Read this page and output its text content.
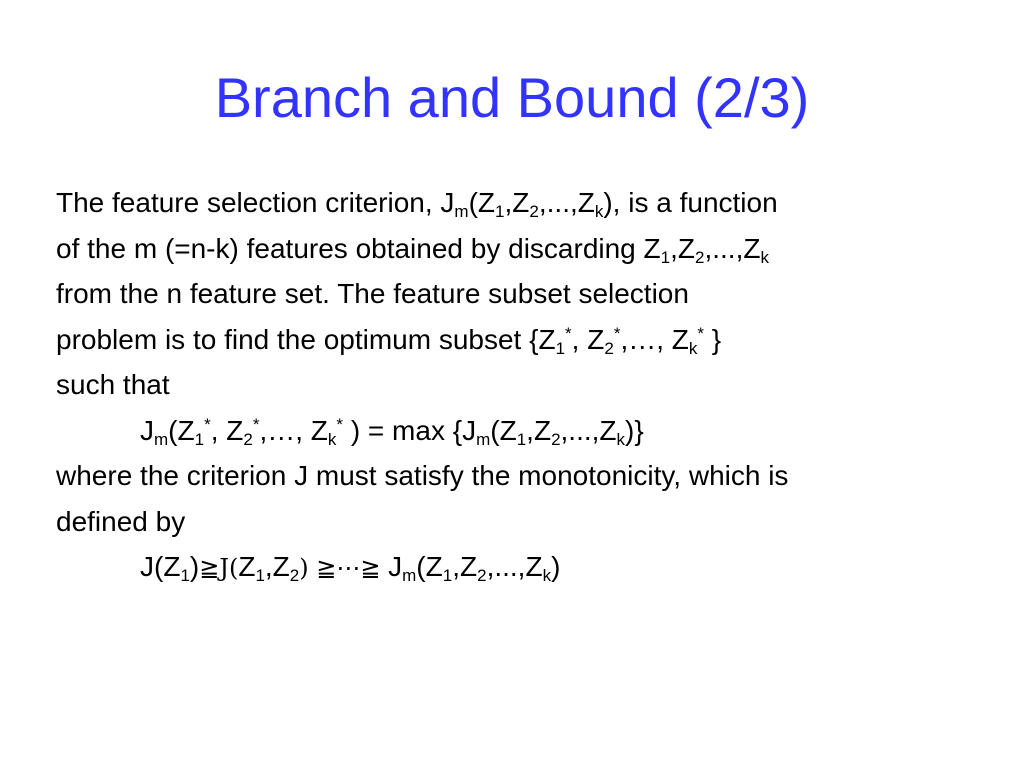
Branch and Bound (2/3)
The feature selection criterion, $J_m(Z_1,Z_2,...,Z_k)$, is a function
of the m (=n-k) features obtained by discarding $Z_1,Z_2,...,Z_k$
from the n feature set. The feature subset selection
problem is to find the optimum subset {$Z_1^*$, $Z_2^*,\dots$, $Z_k^*$ }
such that
$J_m(Z_1^*$, $Z_2^*,\dots$, $Z_k^*$ ) = $\max \{J_m(Z_1,Z_2,...,Z_k)\}$
where the criterion J must satisfy the monotonicity, which is
defined by
$J(Z_1)≧J(Z_1,Z_2)$ ≧⋯≧ $J_m(Z_1,Z_2,...,Z_k)$
